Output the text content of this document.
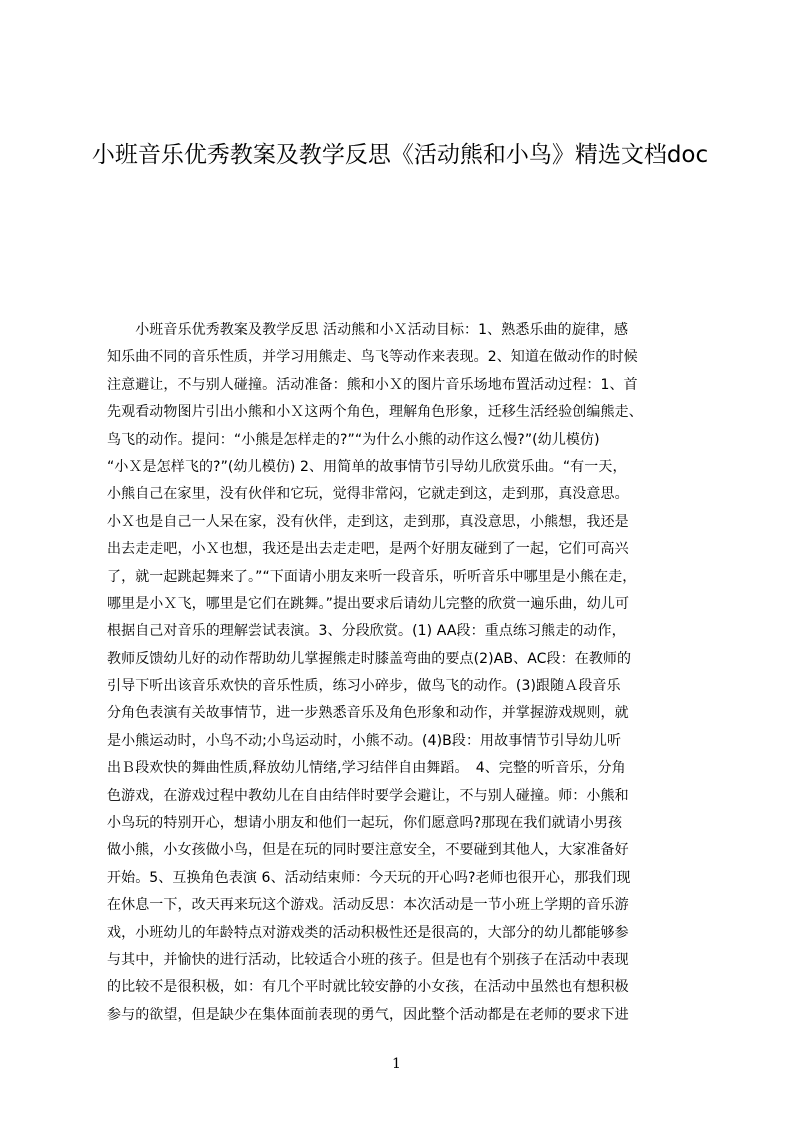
小班音乐优秀教案及教学反思《活动熊和小鸟》精选文档doc
　　小班音乐优秀教案及教学反思 活动熊和小Ｘ活动目标：1、熟悉乐曲的旋律，感
知乐曲不同的音乐性质，并学习用熊走、鸟飞等动作来表现。2、知道在做动作的时候
注意避让，不与别人碰撞。活动准备：熊和小Ｘ的图片音乐场地布置活动过程：1、首
先观看动物图片引出小熊和小Ｘ这两个角色，理解角色形象，迁移生活经验创编熊走、
鸟飞的动作。提问：“小熊是怎样走的?”“为什么小熊的动作这么慢?”(幼儿模仿)
“小Ｘ是怎样飞的?”(幼儿模仿) 2、用简单的故事情节引导幼儿欣赏乐曲。“有一天，
小熊自己在家里，没有伙伴和它玩，觉得非常闷，它就走到这，走到那，真没意思。
小Ｘ也是自己一人呆在家，没有伙伴，走到这，走到那，真没意思，小熊想，我还是
出去走走吧，小Ｘ也想，我还是出去走走吧，是两个好朋友碰到了一起，它们可高兴
了，就一起跳起舞来了。”“下面请小朋友来听一段音乐，听听音乐中哪里是小熊在走，
哪里是小Ｘ飞，哪里是它们在跳舞。”提出要求后请幼儿完整的欣赏一遍乐曲，幼儿可
根据自己对音乐的理解尝试表演。3、分段欣赏。(1) AA段：重点练习熊走的动作，
教师反馈幼儿好的动作帮助幼儿掌握熊走时膝盖弯曲的要点(2)AB、AC段：在教师的
引导下听出该音乐欢快的音乐性质，练习小碎步，做鸟飞的动作。(3)跟随Ａ段音乐
分角色表演有关故事情节，进一步熟悉音乐及角色形象和动作，并掌握游戏规则，就
是小熊运动时，小鸟不动;小鸟运动时，小熊不动。(4)B段：用故事情节引导幼儿听
出Ｂ段欢快的舞曲性质,释放幼儿情绪,学习结伴自由舞蹈。　4、完整的听音乐，分角
色游戏，在游戏过程中教幼儿在自由结伴时要学会避让，不与别人碰撞。师：小熊和
小鸟玩的特别开心，想请小朋友和他们一起玩，你们愿意吗?那现在我们就请小男孩
做小熊，小女孩做小鸟，但是在玩的同时要注意安全，不要碰到其他人，大家准备好
开始。5、互换角色表演 6、活动结束师：今天玩的开心吗?老师也很开心，那我们现
在休息一下，改天再来玩这个游戏。活动反思：本次活动是一节小班上学期的音乐游
戏，小班幼儿的年龄特点对游戏类的活动积极性还是很高的，大部分的幼儿都能够参
与其中，并愉快的进行活动，比较适合小班的孩子。但是也有个别孩子在活动中表现
的比较不是很积极，如：有几个平时就比较安静的小女孩，在活动中虽然也有想积极
参与的欲望，但是缺少在集体面前表现的勇气，因此整个活动都是在老师的要求下进
1
